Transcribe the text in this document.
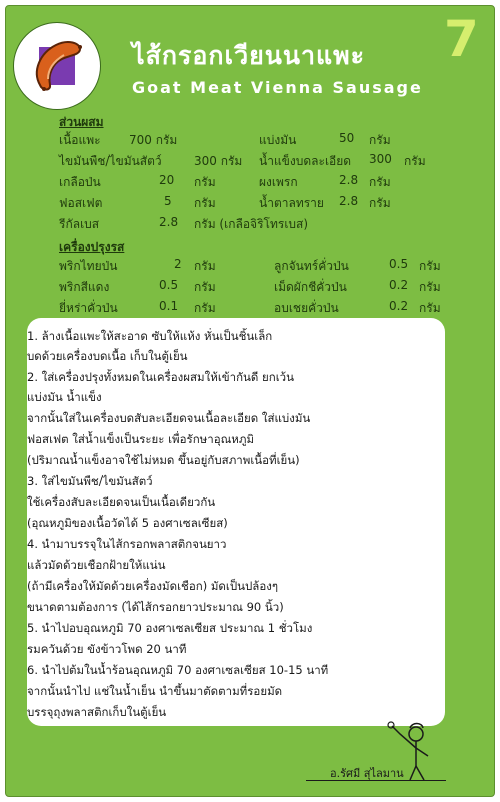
ไส้กรอกเวียนนาแพะ
Goat Meat Vienna Sausage
7
ส่วนผสม
เนื้อแพะ 700 กรัม	แบ่งมัน	50 กรัม
ไขมันพืช/ไขมันสัตว์	300 กรัม น้ำแข็งบดละเอียด 300 กรัม
เกลือป่น	20 กรัม	ผงเพรก	2.8 กรัม
ฟอสเฟต	5 กรัม	น้ำตาลทราย 2.8 กรัม
รีกัลเบส	2.8 กรัม (เกลือจิริโทรเบส)
เครื่องปรุงรส
พริกไทยป่น	2 กรัม	ลูกจันทร์คั่วป่น	0.5 กรัม
พริกสีแดง	0.5 กรัม	เม็ดผักชีคั่วป่น	0.2 กรัม
ยี่หร่าคั่วป่น	0.1 กรัม	อบเชยคั่วป่น	0.2 กรัม
1. ล้างเนื้อแพะให้สะอาด ซับให้แห้ง หั่นเป็นชิ้นเล็ก
บดด้วยเครื่องบดเนื้อ เก็บในตู้เย็น
2. ใส่เครื่องปรุงทั้งหมดในเครื่องผสมให้เข้ากันดี ยกเว้น
แบ่งมัน น้ำแข็ง
จากนั้นใส่ในเครื่องบดสับละเอียดจนเนื้อละเอียด ใส่แบ่งมัน
ฟอสเฟต ใส่น้ำแข็งเป็นระยะ เพื่อรักษาอุณหภูมิ
(ปริมาณน้ำแข็งอาจใช้ไม่หมด ขึ้นอยู่กับสภาพเนื้อที่เย็น)
3. ใส่ไขมันพืช/ไขมันสัตว์
ใช้เครื่องสับละเอียดจนเป็นเนื้อเดียวกัน
(อุณหภูมิของเนื้อวัดได้ 5 องศาเซลเซียส)
4. นำมาบรรจุในไส้กรอกพลาสติกจนยาว
แล้วมัดด้วยเชือกฝ้ายให้แน่น
(ถ้ามีเครื่องให้มัดด้วยเครื่องมัดเชือก) มัดเป็นปล้องๆ
ขนาดตามต้องการ (ได้ไส้กรอกยาวประมาณ 90 นิ้ว)
5. นำไปอบอุณหภูมิ 70 องศาเซลเซียส ประมาณ 1 ชั่วโมง
รมควันด้วย ขังข้าวโพด 20 นาที
6. นำไปต้มในน้ำร้อนอุณหภูมิ 70 องศาเซลเซียส 10-15 นาที
จากนั้นนำไป แช่ในน้ำเย็น นำขึ้นมาตัดตามที่รอยมัด
บรรจุถุงพลาสติกเก็บในตู้เย็น
อ.รัศมี สุไลมาน
